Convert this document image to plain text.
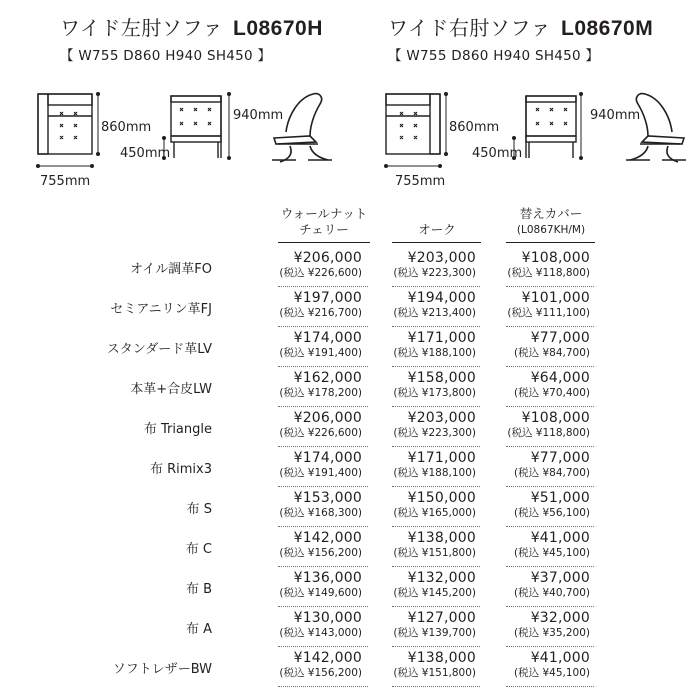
ワイド左肘ソファ L08670H
【 W755 D860 H940 SH450 】
ワイド右肘ソファ L08670M
【 W755 D860 H940 SH450 】
860mm
755mm
940mm
450mm
860mm
755mm
940mm
450mm
ウォールナット
チェリー	オーク
替えカバー
(L0867KH/M)
オイル調革FO
¥206,000
(税込 ¥226,600)
¥203,000
(税込 ¥223,300)
¥108,000
(税込 ¥118,800)
セミアニリン革FJ
¥197,000
(税込 ¥216,700)
¥194,000
(税込 ¥213,400)
¥101,000
(税込 ¥111,100)
スタンダード革LV
¥174,000
(税込 ¥191,400)
¥171,000
(税込 ¥188,100)
¥77,000
(税込 ¥84,700)
本革+合皮LW
¥162,000
(税込 ¥178,200)
¥158,000
(税込 ¥173,800)
¥64,000
(税込 ¥70,400)
布 Triangle
¥206,000
(税込 ¥226,600)
¥203,000
(税込 ¥223,300)
¥108,000
(税込 ¥118,800)
布 Rimix3
¥174,000
(税込 ¥191,400)
¥171,000
(税込 ¥188,100)
¥77,000
(税込 ¥84,700)
布 S
¥153,000
(税込 ¥168,300)
¥150,000
(税込 ¥165,000)
¥51,000
(税込 ¥56,100)
布 C
¥142,000
(税込 ¥156,200)
¥138,000
(税込 ¥151,800)
¥41,000
(税込 ¥45,100)
布 B
¥136,000
(税込 ¥149,600)
¥132,000
(税込 ¥145,200)
¥37,000
(税込 ¥40,700)
布 A
¥130,000
(税込 ¥143,000)
¥127,000
(税込 ¥139,700)
¥32,000
(税込 ¥35,200)
ソフトレザーBW
¥142,000
(税込 ¥156,200)
¥138,000
(税込 ¥151,800)
¥41,000
(税込 ¥45,100)
